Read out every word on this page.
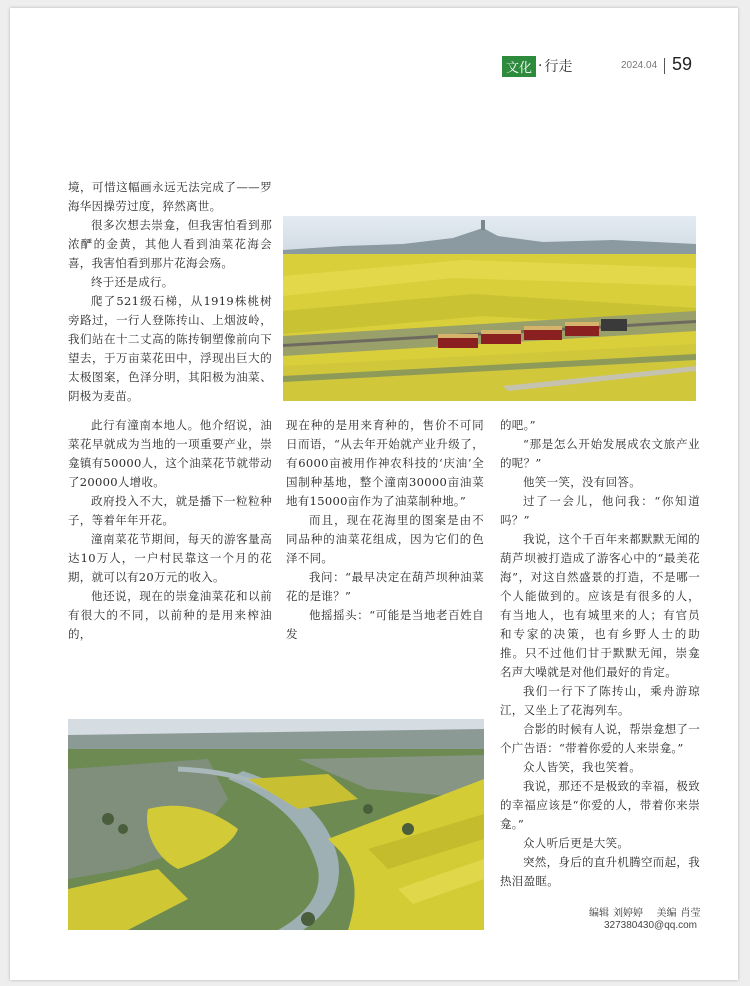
文化 · 行走	2024.04 59

境，可惜这幅画永远无法完成了——罗海华因操劳过度，猝然离世。

很多次想去崇龛，但我害怕看到那浓酽的金黄，其他人看到油菜花海会喜，我害怕看到那片花海会殇。

终于还是成行。

爬了521级石梯，从1919株桃树旁路过，一行人登陈抟山、上烟波岭，我们站在十二丈高的陈抟铜塑像前向下望去，于万亩菜花田中，浮现出巨大的太极图案，色泽分明，其阳极为油菜、阴极为麦苗。

此行有潼南本地人。他介绍说，油菜花早就成为当地的一项重要产业，崇龛镇有50000人，这个油菜花节就带动了20000人增收。

政府投入不大，就是播下一粒粒种子，等着年年开花。

潼南菜花节期间，每天的游客量高达10万人，一户村民靠这一个月的花期，就可以有20万元的收入。

他还说，现在的崇龛油菜花和以前有很大的不同，以前种的是用来榨油的，

现在种的是用来育种的，售价不可同日而语，“从去年开始就产业升级了，有6000亩被用作神农科技的‘庆油’全国制种基地，整个潼南30000亩油菜地有15000亩作为了油菜制种地。”

而且，现在花海里的图案是由不同品种的油菜花组成，因为它们的色泽不同。

我问：“最早决定在葫芦坝种油菜花的是谁？”

他摇摇头：“可能是当地老百姓自发

的吧。”

“那是怎么开始发展成农文旅产业的呢？”

他笑一笑，没有回答。

过了一会儿，他问我：“你知道吗？”

我说，这个千百年来都默默无闻的葫芦坝被打造成了游客心中的“最美花海”，对这自然盛景的打造，不是哪一个人能做到的。应该是有很多的人，有当地人，也有城里来的人；有官员和专家的决策，也有乡野人士的助推。只不过他们甘于默默无闻，崇龛名声大噪就是对他们最好的肯定。

我们一行下了陈抟山，乘舟游琼江，又坐上了花海列车。

合影的时候有人说，帮崇龛想了一个广告语：“带着你爱的人来崇龛。”

众人皆笑，我也笑着。

我说，那还不是极致的幸福，极致的幸福应该是“你爱的人，带着你来崇龛。”

众人听后更是大笑。

突然，身后的直升机腾空而起，我热泪盈眶。

编辑 刘婷婷 美编 肖莹
327380430@qq.com
